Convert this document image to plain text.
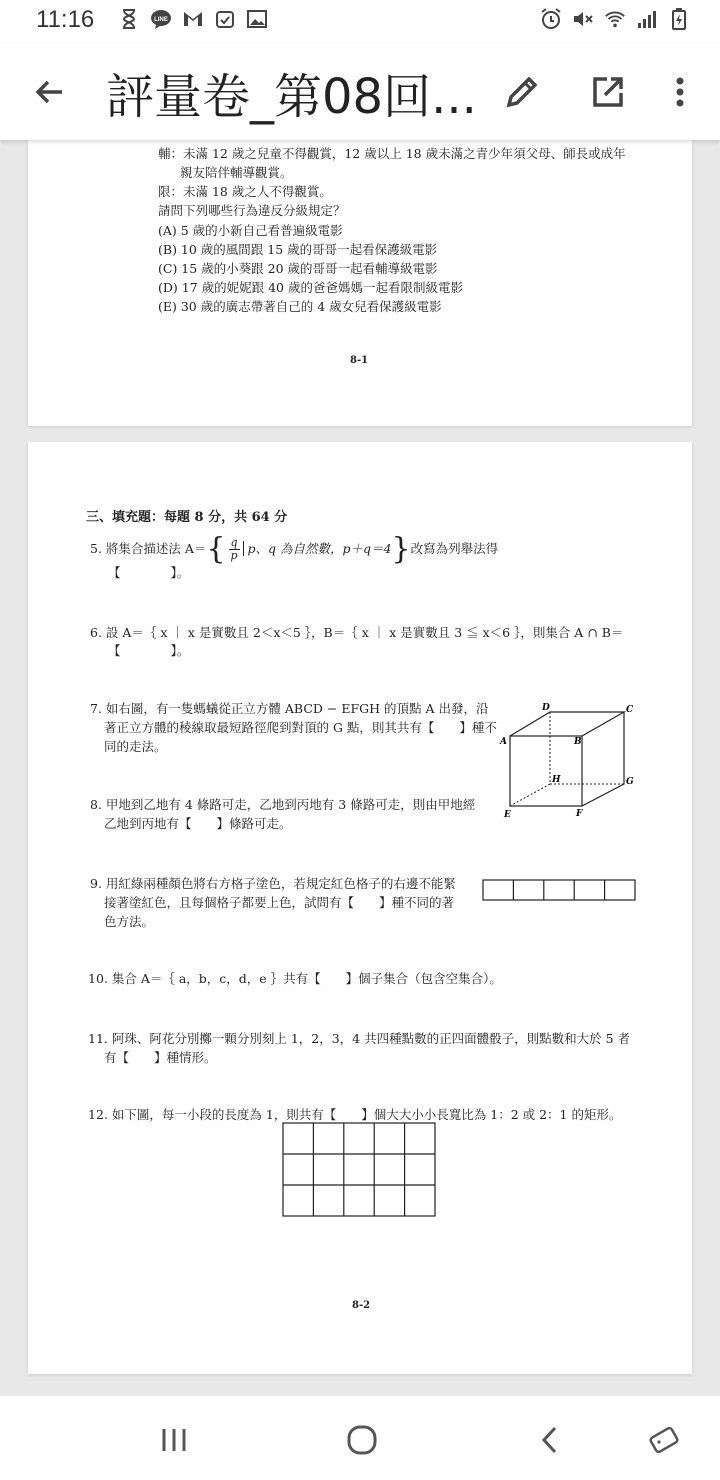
11:16	LINE
評量卷_第08回...
輔：未滿 12 歲之兒童不得觀賞，12 歲以上 18 歲未滿之青少年須父母、師長或成年
親友陪伴輔導觀賞。
限：未滿 18 歲之人不得觀賞。
請問下列哪些行為違反分級規定？
(A) 5 歲的小新自己看普遍級電影
(B) 10 歲的風間跟 15 歲的哥哥一起看保護級電影
(C) 15 歲的小葵跟 20 歲的哥哥一起看輔導級電影
(D) 17 歲的妮妮跟 40 歲的爸爸媽媽一起看限制級電影
(E) 30 歲的廣志帶著自己的 4 歲女兒看保護級電影
8-1
三、填充題：每題 8 分，共 64 分
5. 將集合描述法 $A=\{ \frac{q}{p}$ p、q 為自然數，p＋q＝4}改寫為列舉法得
【　　　　】。
6. 設 A＝｛ x ｜ x 是實數且 2＜x＜5 ｝，B＝｛ x ｜ x 是實數且 3 ≦ x＜6 ｝，則集合 A ∩ B＝
【　　　　】。
7. 如右圖，有一隻螞蟻從正立方體 ABCD − EFGH 的頂點 A 出發，沿
著正立方體的稜線取最短路徑爬到對頂的 G 點，則其共有【　　】種不
同的走法。
D	C
A	B
H	G
E	F
8. 甲地到乙地有 4 條路可走，乙地到丙地有 3 條路可走，則由甲地經
乙地到丙地有【　　】條路可走。
9. 用紅綠兩種顏色將右方格子塗色，若規定紅色格子的右邊不能緊
接著塗紅色，且每個格子都要上色，試問有【　　】種不同的著
色方法。
10. 集合 A＝｛ a，b，c，d，e ｝共有【　　】個子集合（包含空集合）。
11. 阿珠、阿花分別擲一顆分別刻上 1，2，3，4 共四種點數的正四面體骰子，則點數和大於 5 者
有【　　】種情形。
12. 如下圖，每一小段的長度為 1，則共有【　　】個大大小小長寬比為 1：2 或 2：1 的矩形。
8-2
